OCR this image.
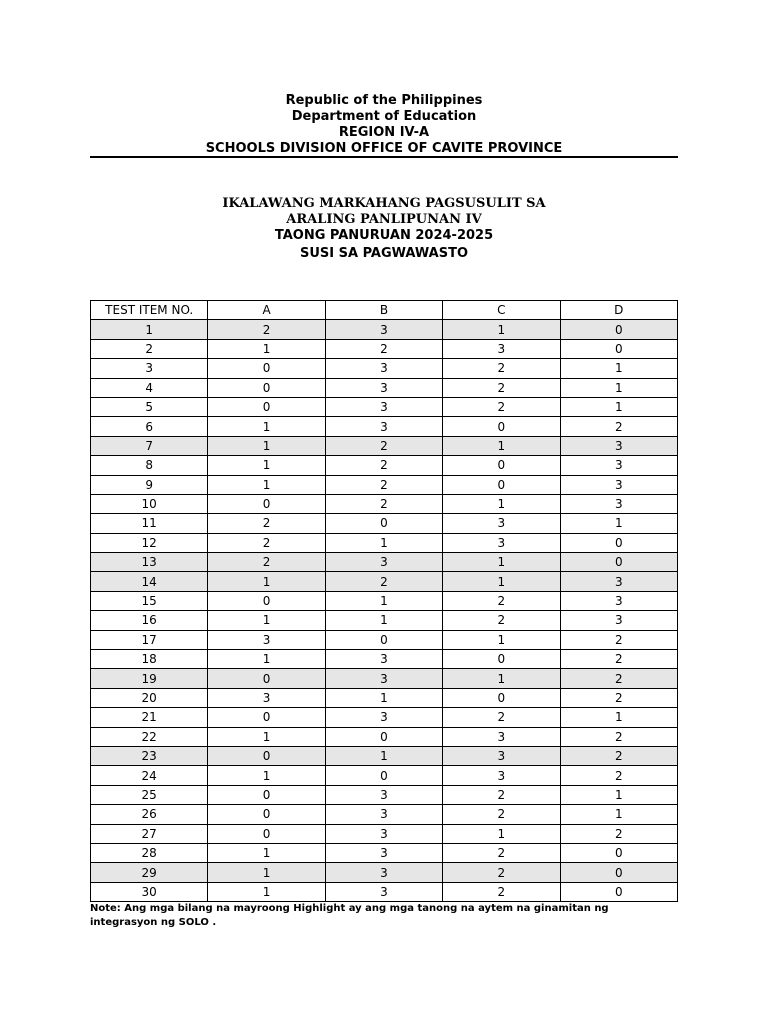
Republic of the Philippines
Department of Education
REGION IV-A
SCHOOLS DIVISION OFFICE OF CAVITE PROVINCE
IKALAWANG MARKAHANG PAGSUSULIT SA
ARALING PANLIPUNAN IV
TAONG PANURUAN 2024-2025
SUSI SA PAGWAWASTO
TEST ITEM NO.	A	B	C	D
1	2	3	1	0
2	1	2	3	0
3	0	3	2	1
4	0	3	2	1
5	0	3	2	1
6	1	3	0	2
7	1	2	1	3
8	1	2	0	3
9	1	2	0	3
10	0	2	1	3
11	2	0	3	1
12	2	1	3	0
13	2	3	1	0
14	1	2	1	3
15	0	1	2	3
16	1	1	2	3
17	3	0	1	2
18	1	3	0	2
19	0	3	1	2
20	3	1	0	2
21	0	3	2	1
22	1	0	3	2
23	0	1	3	2
24	1	0	3	2
25	0	3	2	1
26	0	3	2	1
27	0	3	1	2
28	1	3	2	0
29	1	3	2	0
30	1	3	2	0
Note: Ang mga bilang na mayroong Highlight ay ang mga tanong na aytem na ginamitan ng
integrasyon ng SOLO .
